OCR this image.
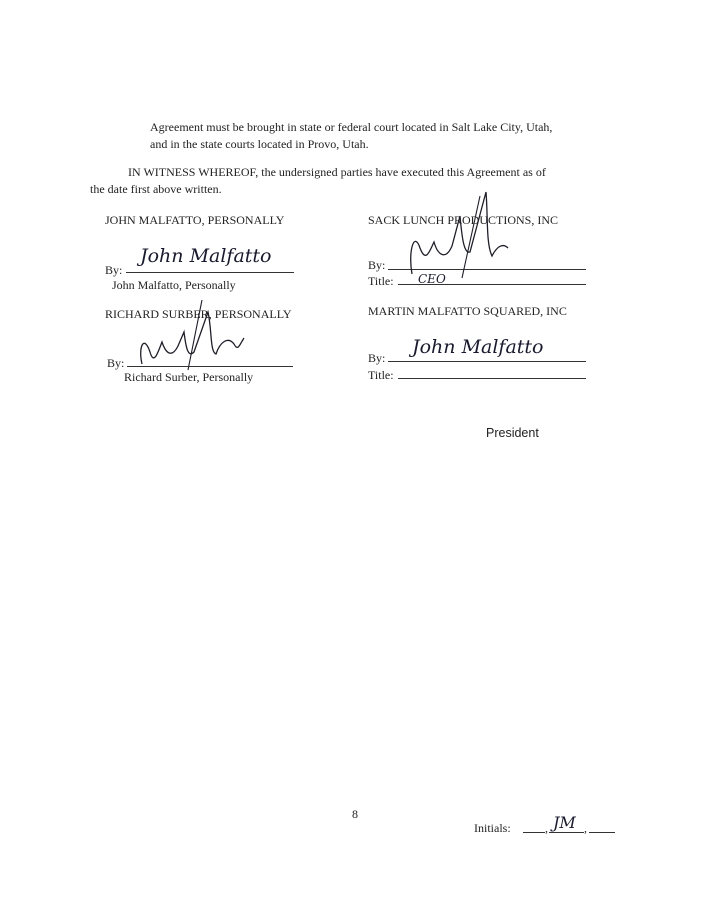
Agreement must be brought in state or federal court located in Salt Lake City, Utah,
and in the state courts located in Provo, Utah.
IN WITNESS WHEREOF, the undersigned parties have executed this Agreement as of
the date first above written.
JOHN MALFATTO, PERSONALLY
By:
John Malfatto
John Malfatto, Personally
RICHARD SURBER, PERSONALLY
By:
Richard Surber, Personally
SACK LUNCH PRODUCTIONS, INC
By:
Title: CEO
MARTIN MALFATTO SQUARED, INC
By: John Malfatto
Title:
President
8
Initials:	, JM ,
